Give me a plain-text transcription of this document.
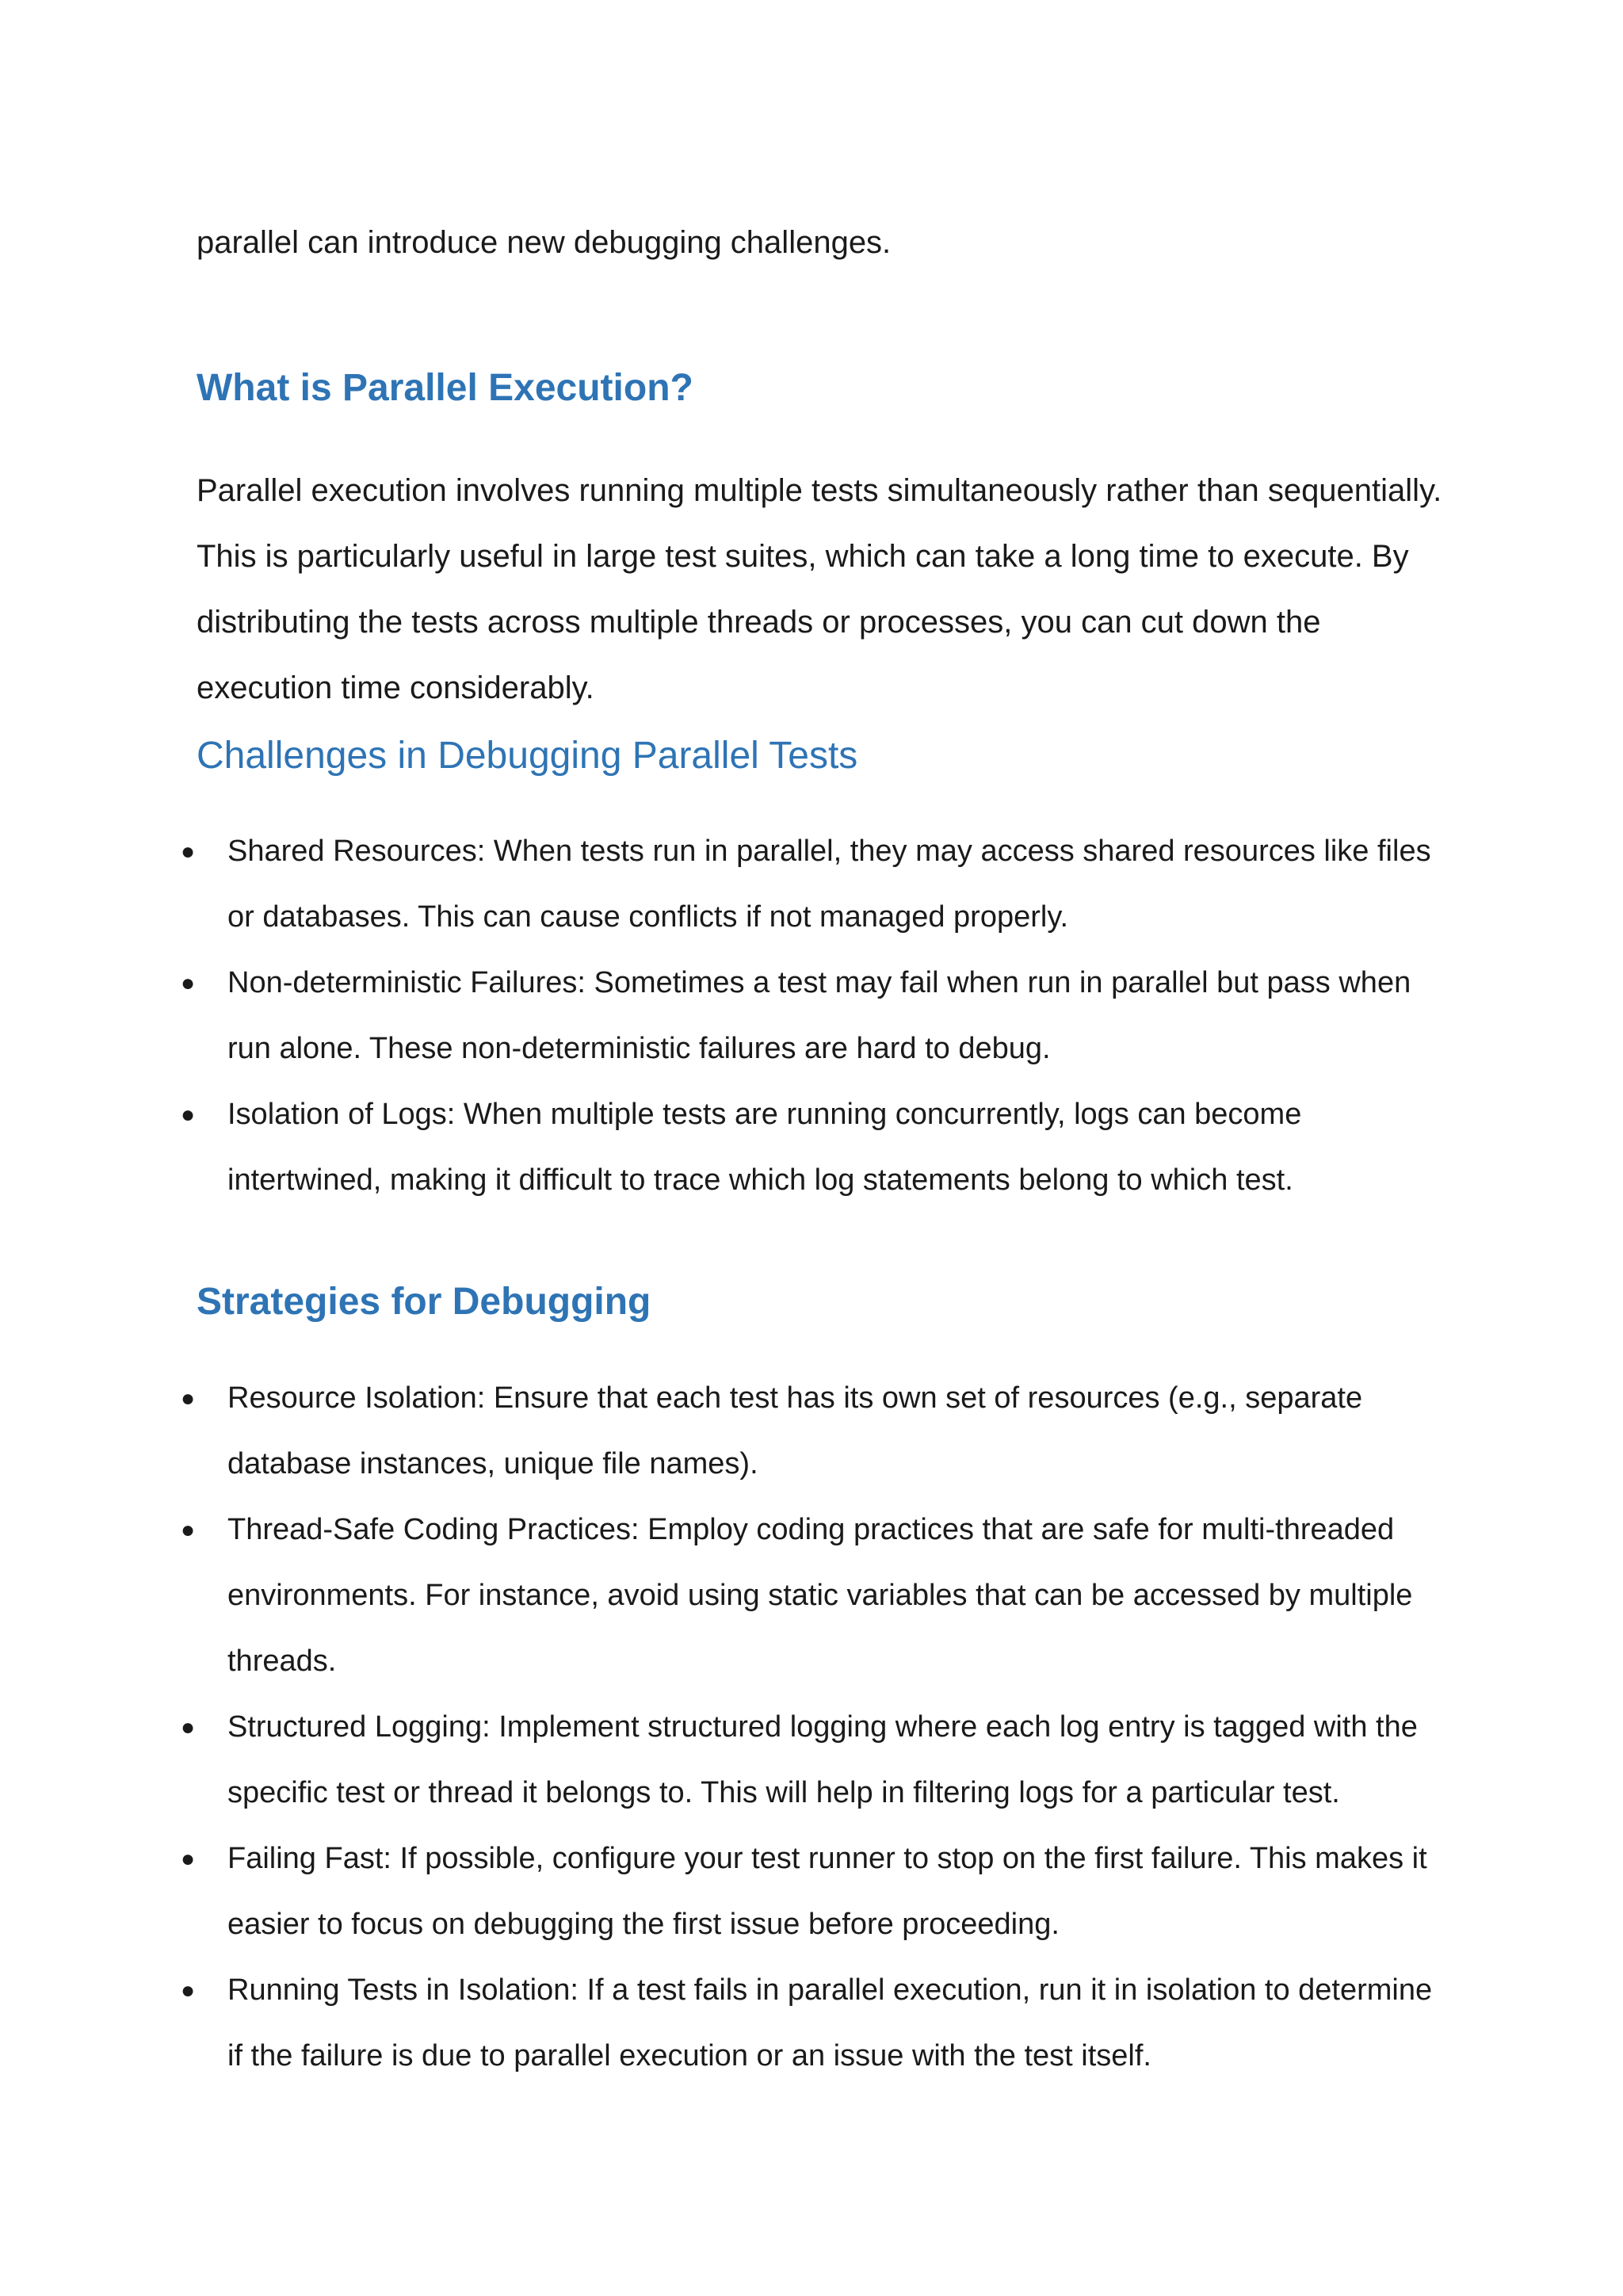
parallel can introduce new debugging challenges.

What is Parallel Execution?

Parallel execution involves running multiple tests simultaneously rather than sequentially. This is particularly useful in large test suites, which can take a long time to execute. By distributing the tests across multiple threads or processes, you can cut down the execution time considerably.

Challenges in Debugging Parallel Tests
● Shared Resources: When tests run in parallel, they may access shared resources like files or databases. This can cause conflicts if not managed properly.
● Non-deterministic Failures: Sometimes a test may fail when run in parallel but pass when run alone. These non-deterministic failures are hard to debug.
● Isolation of Logs: When multiple tests are running concurrently, logs can become intertwined, making it difficult to trace which log statements belong to which test.
Strategies for Debugging
● Resource Isolation: Ensure that each test has its own set of resources (e.g., separate database instances, unique file names).
● Thread-Safe Coding Practices: Employ coding practices that are safe for multi-threaded environments. For instance, avoid using static variables that can be accessed by multiple threads.
● Structured Logging: Implement structured logging where each log entry is tagged with the specific test or thread it belongs to. This will help in filtering logs for a particular test.
● Failing Fast: If possible, configure your test runner to stop on the first failure. This makes it easier to focus on debugging the first issue before proceeding.
● Running Tests in Isolation: If a test fails in parallel execution, run it in isolation to determine if the failure is due to parallel execution or an issue with the test itself.
